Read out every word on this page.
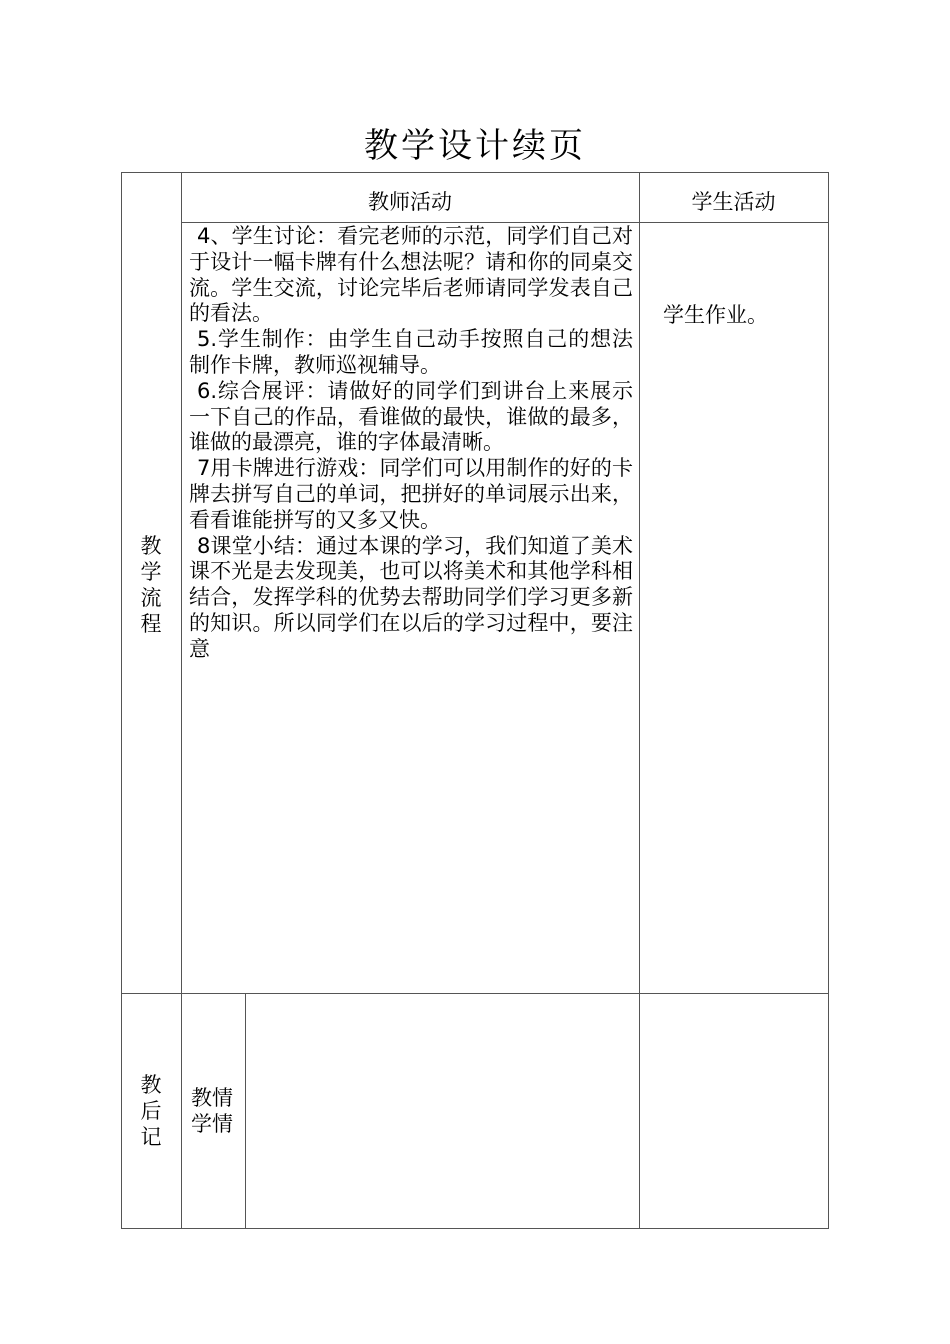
教学设计续页
教师活动	学生活动
教
学
流
程

4、学生讨论：看完老师的示范，同学们自己对于设计一幅卡牌有什么想法呢？请和你的同桌交流。学生交流，讨论完毕后老师请同学发表自己的看法。

5.学生制作：由学生自己动手按照自己的想法制作卡牌，教师巡视辅导。

6.综合展评：请做好的同学们到讲台上来展示一下自己的作品，看谁做的最快，谁做的最多，谁做的最漂亮，谁的字体最清晰。

7用卡牌进行游戏：同学们可以用制作的好的卡牌去拼写自己的单词，把拼好的单词展示出来，看看谁能拼写的又多又快。

8课堂小结：通过本课的学习，我们知道了美术课不光是去发现美，也可以将美术和其他学科相结合，发挥学科的优势去帮助同学们学习更多新的知识。所以同学们在以后的学习过程中，要注意

学生作业。
教
后
记
教情
学情
